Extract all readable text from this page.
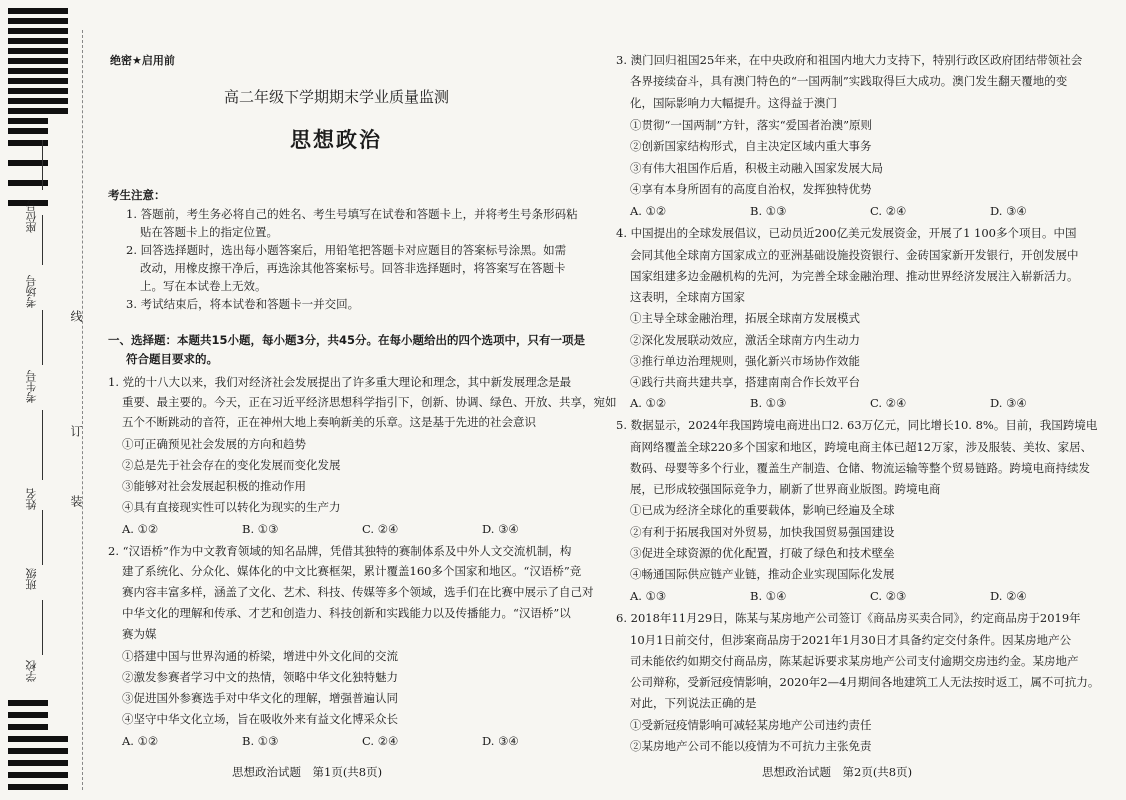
座位号
考场号
考生号
姓名
班级
学校
线
订
装
绝密★启用前
高二年级下学期期末学业质量监测
思想政治
考生注意：
1. 答题前，考生务必将自己的姓名、考生号填写在试卷和答题卡上，并将考生号条形码粘
贴在答题卡上的指定位置。
2. 回答选择题时，选出每小题答案后，用铅笔把答题卡对应题目的答案标号涂黑。如需
改动，用橡皮擦干净后，再选涂其他答案标号。回答非选择题时，将答案写在答题卡
上。写在本试卷上无效。
3. 考试结束后，将本试卷和答题卡一并交回。
一、选择题：本题共15小题，每小题3分，共45分。在每小题给出的四个选项中，只有一项是
符合题目要求的。
1. 党的十八大以来，我们对经济社会发展提出了许多重大理论和理念，其中新发展理念是最
重要、最主要的。今天，正在习近平经济思想科学指引下，创新、协调、绿色、开放、共享，宛如
五个不断跳动的音符，正在神州大地上奏响新美的乐章。这是基于先进的社会意识
①可正确预见社会发展的方向和趋势
②总是先于社会存在的变化发展而变化发展
③能够对社会发展起积极的推动作用
④具有直接现实性可以转化为现实的生产力
A. ①②	B. ①③	C. ②④	D. ③④
2. “汉语桥”作为中文教育领域的知名品牌，凭借其独特的赛制体系及中外人文交流机制，构
建了系统化、分众化、媒体化的中文比赛框架，累计覆盖160多个国家和地区。“汉语桥”竞
赛内容丰富多样，涵盖了文化、艺术、科技、传媒等多个领域，选手们在比赛中展示了自己对
中华文化的理解和传承、才艺和创造力、科技创新和实践能力以及传播能力。“汉语桥”以
赛为媒
①搭建中国与世界沟通的桥梁，增进中外文化间的交流
②激发参赛者学习中文的热情，领略中华文化独特魅力
③促进国外参赛选手对中华文化的理解，增强普遍认同
④坚守中华文化立场，旨在吸收外来有益文化博采众长
A. ①②	B. ①③	C. ②④	D. ③④
思想政治试题　第1页(共8页)
3. 澳门回归祖国25年来，在中央政府和祖国内地大力支持下，特别行政区政府团结带领社会
各界接续奋斗，具有澳门特色的“一国两制”实践取得巨大成功。澳门发生翻天覆地的变
化，国际影响力大幅提升。这得益于澳门
①贯彻“一国两制”方针，落实“爱国者治澳”原则
②创新国家结构形式，自主决定区域内重大事务
③有伟大祖国作后盾，积极主动融入国家发展大局
④享有本身所固有的高度自治权，发挥独特优势
A. ①②	B. ①③	C. ②④	D. ③④
4. 中国提出的全球发展倡议，已动员近200亿美元发展资金，开展了1 100多个项目。中国
会同其他全球南方国家成立的亚洲基础设施投资银行、金砖国家新开发银行，开创发展中
国家组建多边金融机构的先河，为完善全球金融治理、推动世界经济发展注入崭新活力。
这表明，全球南方国家
①主导全球金融治理，拓展全球南方发展模式
②深化发展联动效应，激活全球南方内生动力
③推行单边治理规则，强化新兴市场协作效能
④践行共商共建共享，搭建南南合作长效平台
A. ①②	B. ①③	C. ②④	D. ③④
5. 数据显示，2024年我国跨境电商进出口2. 63万亿元，同比增长10. 8%。目前，我国跨境电
商网络覆盖全球220多个国家和地区，跨境电商主体已超12万家，涉及服装、美妆、家居、
数码、母婴等多个行业，覆盖生产制造、仓储、物流运输等整个贸易链路。跨境电商持续发
展，已形成较强国际竞争力，刷新了世界商业版图。跨境电商
①已成为经济全球化的重要载体，影响已经遍及全球
②有利于拓展我国对外贸易，加快我国贸易强国建设
③促进全球资源的优化配置，打破了绿色和技术壁垒
④畅通国际供应链产业链，推动企业实现国际化发展
A. ①③	B. ①④	C. ②③	D. ②④
6. 2018年11月29日，陈某与某房地产公司签订《商品房买卖合同》，约定商品房于2019年
10月1日前交付，但涉案商品房于2021年1月30日才具备约定交付条件。因某房地产公
司未能依约如期交付商品房，陈某起诉要求某房地产公司支付逾期交房违约金。某房地产
公司辩称，受新冠疫情影响，2020年2—4月期间各地建筑工人无法按时返工，属不可抗力。
对此，下列说法正确的是
①受新冠疫情影响可减轻某房地产公司违约责任
②某房地产公司不能以疫情为不可抗力主张免责
思想政治试题　第2页(共8页)
